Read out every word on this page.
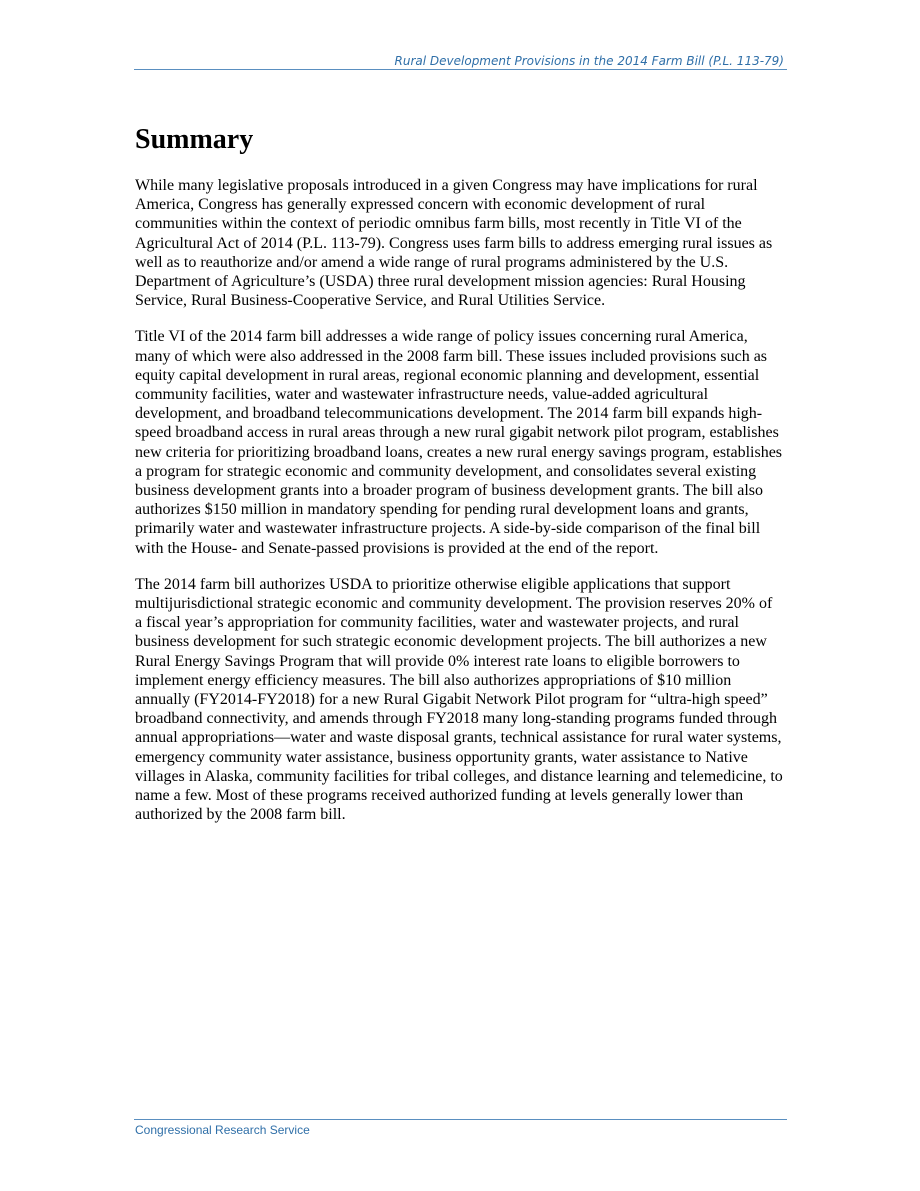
Rural Development Provisions in the 2014 Farm Bill (P.L. 113-79)
Summary

While many legislative proposals introduced in a given Congress may have implications for rural America, Congress has generally expressed concern with economic development of rural communities within the context of periodic omnibus farm bills, most recently in Title VI of the Agricultural Act of 2014 (P.L. 113-79). Congress uses farm bills to address emerging rural issues as well as to reauthorize and/or amend a wide range of rural programs administered by the U.S. Department of Agriculture’s (USDA) three rural development mission agencies: Rural Housing Service, Rural Business-Cooperative Service, and Rural Utilities Service.

Title VI of the 2014 farm bill addresses a wide range of policy issues concerning rural America, many of which were also addressed in the 2008 farm bill. These issues included provisions such as equity capital development in rural areas, regional economic planning and development, essential community facilities, water and wastewater infrastructure needs, value-added agricultural development, and broadband telecommunications development. The 2014 farm bill expands high-speed broadband access in rural areas through a new rural gigabit network pilot program, establishes new criteria for prioritizing broadband loans, creates a new rural energy savings program, establishes a program for strategic economic and community development, and consolidates several existing business development grants into a broader program of business development grants. The bill also authorizes $150 million in mandatory spending for pending rural development loans and grants, primarily water and wastewater infrastructure projects. A side-by-side comparison of the final bill with the House- and Senate-passed provisions is provided at the end of the report.

The 2014 farm bill authorizes USDA to prioritize otherwise eligible applications that support multijurisdictional strategic economic and community development. The provision reserves 20% of a fiscal year’s appropriation for community facilities, water and wastewater projects, and rural business development for such strategic economic development projects. The bill authorizes a new Rural Energy Savings Program that will provide 0% interest rate loans to eligible borrowers to implement energy efficiency measures. The bill also authorizes appropriations of $10 million annually (FY2014-FY2018) for a new Rural Gigabit Network Pilot program for “ultra-high speed” broadband connectivity, and amends through FY2018 many long-standing programs funded through annual appropriations—water and waste disposal grants, technical assistance for rural water systems, emergency community water assistance, business opportunity grants, water assistance to Native villages in Alaska, community facilities for tribal colleges, and distance learning and telemedicine, to name a few. Most of these programs received authorized funding at levels generally lower than authorized by the 2008 farm bill.

Congressional Research Service
